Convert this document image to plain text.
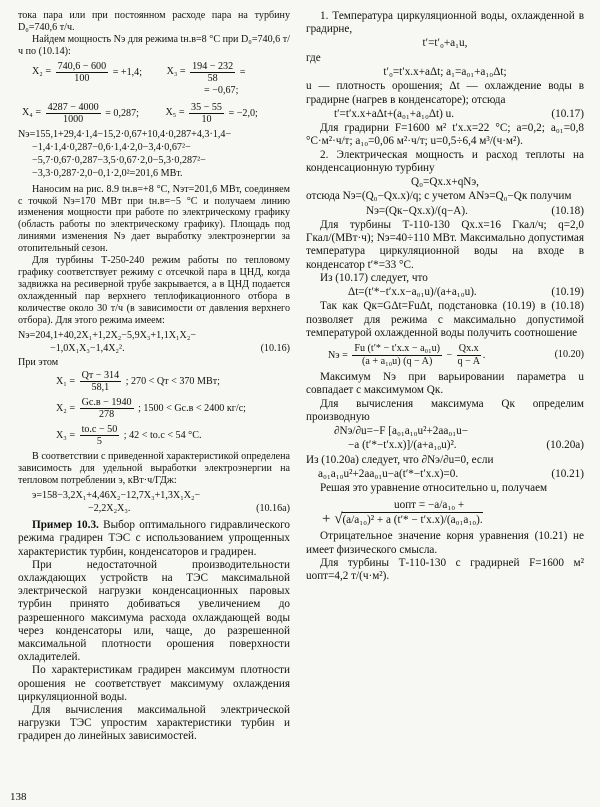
тока пара или при постоянном расходе пара на турбину D₀=740,6 т/ч.

Найдем мощность Nэ для режима tн.в=8 °С при D₀=740,6 т/ч по (10.14):

$X_2 = \frac{740,6 - 600}{100} = +1,4$; $X_3 = \frac{194 - 232}{58}$ =
= −0,67;
$X_4 = \frac{4287 - 4000}{1000} = 0,287$;	$X_5 = \frac{35 - 55}{10} = -2,0$;
Nэ=155,1+29,4·1,4−15,2·0,67+10,4·0,287+4,3·1,4−
−1,4·1,4·0,287−0,6·1,4·2,0−3,4·0,67²−
−5,7·0,67·0,287−3,5·0,67·2,0−5,3·0,287²−
−3,3·0,287·2,0−0,1·2,0²=201,6 МВт.

Наносим на рис. 8.9 tн.в=+8 °С, Nэт=201,6 МВт, соединяем с точкой Nэ=170 МВт при tн.в=−5 °С и получаем линию изменения мощности при работе по электрическому графику (область работы по электрическому графику). Площадь под линиями изменения Nэ дает выработку электроэнергии за отопительный сезон.

Для турбины Т-250-240 режим работы по тепловому графику соответствует режиму с отсечкой пара в ЦНД, когда задвижка на ресиверной трубе закрывается, а в ЦНД подается охлажденный пар верхнего теплофикационного отбора в количестве около 30 т/ч (в зависимости от давления верхнего отбора). Для этого режима имеем:

Nэ=204,1+40,2X₁+1,2X₂−5,9X₃+1,1X₁X₂−
−1,0X₁X₃−1,4X₂².	(10.16)

При этом

$X_1 = \frac{Qт - 314}{58,1}$ ; 270 < Qт < 370 МВт;
$X_2 = \frac{Gс.в - 1940}{278}$ ; 1500 < Gс.в < 2400 кг/с;
$X_3 = \frac{tо.с - 50}{5}$ ; 42 < tо.с < 54 °С.

В соответствии с приведенной характеристикой определена зависимость для удельной выработки электроэнергии на тепловом потреблении э, кВт·ч/ГДж:

э=158−3,2X₁+4,46X₂−12,7X₃+1,3X₁X₂−
−2,2X₂X₃.	(10.16а)

Пример 10.3. Выбор оптимального гидравлического режима градирен ТЭС с использованием упрощенных характеристик турбин, конденсаторов и градирен.

При недостаточной производительности охлаждающих устройств на ТЭС максимальной электрической нагрузки конденсационных паровых турбин принято добиваться увеличением до разрешенного максимума расхода охлаждающей воды через конденсаторы или, чаще, до разрешенной максимальной плотности орошения поверхности охладителей.

По характеристикам градирен максимум плотности орошения не соответствует максимуму охлаждения циркуляционной воды.

Для вычисления максимальной электрической нагрузки ТЭС упростим характеристики турбин и градирен до линейных зависимостей.

1. Температура циркуляционной воды, охлажденной в градирне,

t′=t′₀+a₁u,

где

t′₀=t′х.х+aΔt; a₁=a₀₁+a₁₀Δt;

u — плотность орошения; Δt — охлаждение воды в градирне (нагрев в конденсаторе); отсюда

t′=t′х.х+aΔt+(a₀₁+a₁₀Δt) u.	(10.17)

Для градирни F=1600 м² t′х.х=22 °С; a=0,2; a₀₁=0,8 °С·м²·ч/т; a₁₀=0,06 м²·ч/т; u=0,5÷6,4 м³/(ч·м²).

2. Электрическая мощность и расход теплоты на конденсационную турбину

Q₀=Qх.х+qNэ,

отсюда Nэ=(Q₀−Qх.х)/q; с учетом ANэ=Q₀−Qк получим

Nэ=(Qк−Qх.х)/(q−A).	(10.18)

Для турбины Т-110-130 Qх.х=16 Гкал/ч; q=2,0 Гкал/(МВт·ч); Nэ=40÷110 МВт. Максимально допустимая температура циркуляционной воды на входе в конденсатор t′*=33 °С.

Из (10.17) следует, что

Δt=(t′*−t′х.х−a₀₁u)/(a+a₁₀u).	(10.19)

Так как Qк=GΔt=FuΔt, подстановка (10.19) в (10.18) позволяет для режима с максимально допустимой температурой охлажденной воды получить соотношение

Nэ = $\frac{\text{Fu (t′* − t′х.х − a₀₁u)}}{\text{(a + a₁₀u) (q − A)}} - \frac{Qх.х}{q - A}$ .	(10.20)

Максимум Nэ при варьировании параметра u совпадает с максимумом Qк.

Для вычисления максимума Qк определим производную

∂Nэ/∂u=−F [a₀₁a₁₀u²+2aa₀₁u−
−a (t′*−t′х.х)]/(a+a₁₀u)².	(10.20а)

Из (10.20а) следует, что ∂Nэ/∂u=0, если

a₀₁a₁₀u²+2aa₀₁u−a(t′*−t′х.х)=0.	(10.21)

Решая это уравнение относительно u, получаем

uопт = −a/a₁₀ +
+ √(a/a₁₀)² + a (t′* − t′х.х)/(a₀₁a₁₀).

Отрицательное значение корня уравнения (10.21) не имеет физического смысла.

Для турбины Т-110-130 с градирней F=1600 м² uопт=4,2 т/(ч·м²).

138
